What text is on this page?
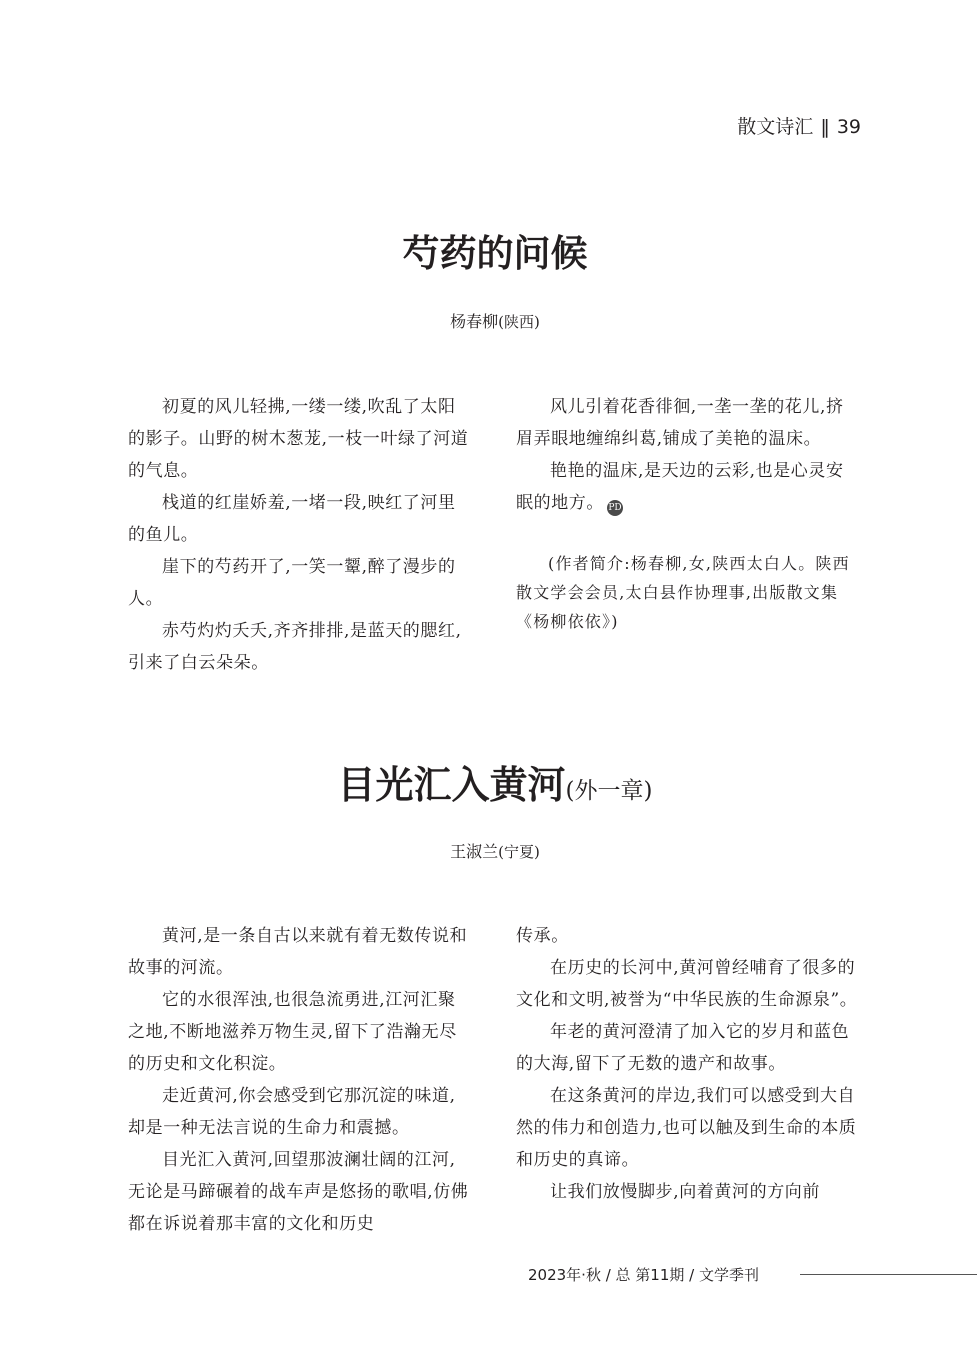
散文诗汇 ‖ 39
芍药的问候
杨春柳(陕西)

初夏的风儿轻拂,一缕一缕,吹乱了太阳的影子。山野的树木葱茏,一枝一叶绿了河道的气息。

栈道的红崖娇羞,一堵一段,映红了河里的鱼儿。

崖下的芍药开了,一笑一颦,醉了漫步的人。

赤芍灼灼夭夭,齐齐排排,是蓝天的腮红,引来了白云朵朵。

风儿引着花香徘徊,一垄一垄的花儿,挤眉弄眼地缠绵纠葛,铺成了美艳的温床。

艳艳的温床,是天边的云彩,也是心灵安眠的地方。 PD

(作者简介:杨春柳,女,陕西太白人。陕西散文学会会员,太白县作协理事,出版散文集《杨柳依依》)

目光汇入黄河(外一章)
王淑兰(宁夏)

黄河,是一条自古以来就有着无数传说和故事的河流。

它的水很浑浊,也很急流勇进,江河汇聚之地,不断地滋养万物生灵,留下了浩瀚无尽的历史和文化积淀。

走近黄河,你会感受到它那沉淀的味道,却是一种无法言说的生命力和震撼。

目光汇入黄河,回望那波澜壮阔的江河,无论是马蹄碾着的战车声是悠扬的歌唱,仿佛都在诉说着那丰富的文化和历史

传承。

在历史的长河中,黄河曾经哺育了很多的文化和文明,被誉为“中华民族的生命源泉”。

年老的黄河澄清了加入它的岁月和蓝色的大海,留下了无数的遗产和故事。

在这条黄河的岸边,我们可以感受到大自然的伟力和创造力,也可以触及到生命的本质和历史的真谛。

让我们放慢脚步,向着黄河的方向前

2023年·秋 / 总 第11期 / 文学季刊
